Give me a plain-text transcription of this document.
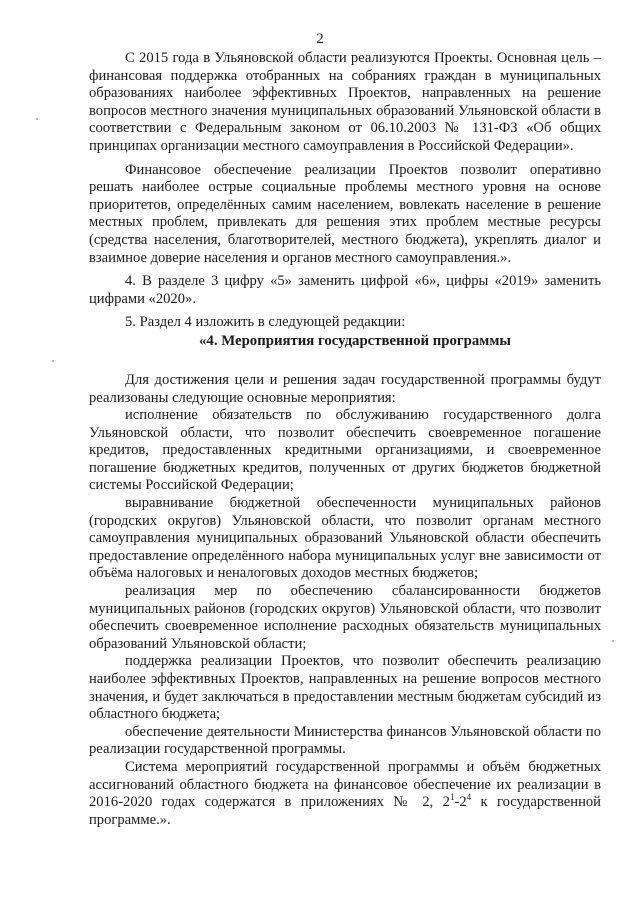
2

С 2015 года в Ульяновской области реализуются Проекты. Основная цель – финансовая поддержка отобранных на собраниях граждан в муниципальных образованиях наиболее эффективных Проектов, направленных на решение вопросов местного значения муниципальных образований Ульяновской области в соответствии с Федеральным законом от 06.10.2003 № 131-ФЗ «Об общих принципах организации местного самоуправления в Российской Федерации».

Финансовое обеспечение реализации Проектов позволит оперативно решать наиболее острые социальные проблемы местного уровня на основе приоритетов, определённых самим населением, вовлекать население в решение местных проблем, привлекать для решения этих проблем местные ресурсы (средства населения, благотворителей, местного бюджета), укреплять диалог и взаимное доверие населения и органов местного самоуправления.».

4. В разделе 3 цифру «5» заменить цифрой «6», цифры «2019» заменить цифрами «2020».

5. Раздел 4 изложить в следующей редакции:

«4. Мероприятия государственной программы

Для достижения цели и решения задач государственной программы будут реализованы следующие основные мероприятия:

исполнение обязательств по обслуживанию государственного долга Ульяновской области, что позволит обеспечить своевременное погашение кредитов, предоставленных кредитными организациями, и своевременное погашение бюджетных кредитов, полученных от других бюджетов бюджетной системы Российской Федерации;

выравнивание бюджетной обеспеченности муниципальных районов (городских округов) Ульяновской области, что позволит органам местного самоуправления муниципальных образований Ульяновской области обеспечить предоставление определённого набора муниципальных услуг вне зависимости от объёма налоговых и неналоговых доходов местных бюджетов;

реализация мер по обеспечению сбалансированности бюджетов муниципальных районов (городских округов) Ульяновской области, что позволит обеспечить своевременное исполнение расходных обязательств муниципальных образований Ульяновской области;

поддержка реализации Проектов, что позволит обеспечить реализацию наиболее эффективных Проектов, направленных на решение вопросов местного значения, и будет заключаться в предоставлении местным бюджетам субсидий из областного бюджета;

обеспечение деятельности Министерства финансов Ульяновской области по реализации государственной программы.

Система мероприятий государственной программы и объём бюджетных ассигнований областного бюджета на финансовое обеспечение их реализации в 2016-2020 годах содержатся в приложениях № 2, $2^1-2^4$ к государственной программе.».
